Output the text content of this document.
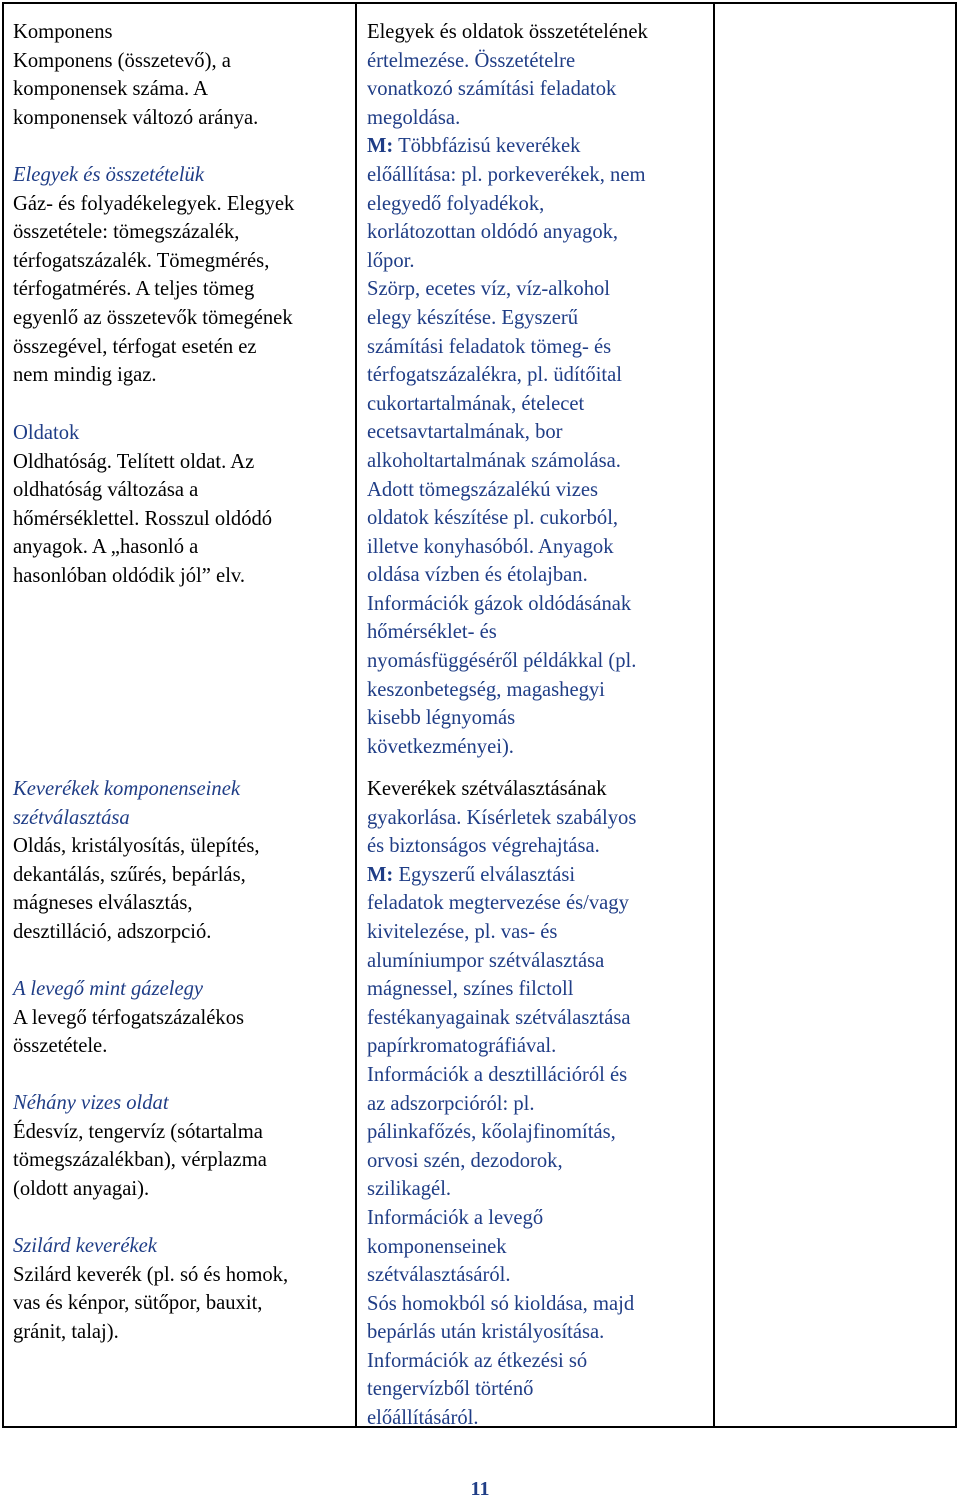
Komponens
Komponens (összetevő), a
komponensek száma. A
komponensek változó aránya.
Elegyek és összetételük
Gáz- és folyadékelegyek. Elegyek
összetétele: tömegszázalék,
térfogatszázalék. Tömegmérés,
térfogatmérés. A teljes tömeg
egyenlő az összetevők tömegének
összegével, térfogat esetén ez
nem mindig igaz.
Oldatok
Oldhatóság. Telített oldat. Az
oldhatóság változása a
hőmérséklettel. Rosszul oldódó
anyagok. A „hasonló a
hasonlóban oldódik jól” elv.
Keverékek komponenseinek
szétválasztása
Oldás, kristályosítás, ülepítés,
dekantálás, szűrés, bepárlás,
mágneses elválasztás,
desztilláció, adszorpció.
A levegő mint gázelegy
A levegő térfogatszázalékos
összetétele.
Néhány vizes oldat
Édesvíz, tengervíz (sótartalma
tömegszázalékban), vérplazma
(oldott anyagai).
Szilárd keverékek
Szilárd keverék (pl. só és homok,
vas és kénpor, sütőpor, bauxit,
gránit, talaj).
Elegyek és oldatok összetételének
értelmezése. Összetételre
vonatkozó számítási feladatok
megoldása.
M: Többfázisú keverékek
előállítása: pl. porkeverékek, nem
elegyedő folyadékok,
korlátozottan oldódó anyagok,
lőpor.
Szörp, ecetes víz, víz-alkohol
elegy készítése. Egyszerű
számítási feladatok tömeg- és
térfogatszázalékra, pl. üdítőital
cukortartalmának, ételecet
ecetsavtartalmának, bor
alkoholtartalmának számolása.
Adott tömegszázalékú vizes
oldatok készítése pl. cukorból,
illetve konyhasóból. Anyagok
oldása vízben és étolajban.
Információk gázok oldódásának
hőmérséklet- és
nyomásfüggéséről példákkal (pl.
keszonbetegség, magashegyi
kisebb légnyomás
következményei).
Keverékek szétválasztásának
gyakorlása. Kísérletek szabályos
és biztonságos végrehajtása.
M: Egyszerű elválasztási
feladatok megtervezése és/vagy
kivitelezése, pl. vas- és
alumíniumpor szétválasztása
mágnessel, színes filctoll
festékanyagainak szétválasztása
papírkromatográfiával.
Információk a desztillációról és
az adszorpcióról: pl.
pálinkafőzés, kőolajfinomítás,
orvosi szén, dezodorok,
szilikagél.
Információk a levegő
komponenseinek
szétválasztásáról.
Sós homokból só kioldása, majd
bepárlás után kristályosítása.
Információk az étkezési só
tengervízből történő
előállításáról.
11
